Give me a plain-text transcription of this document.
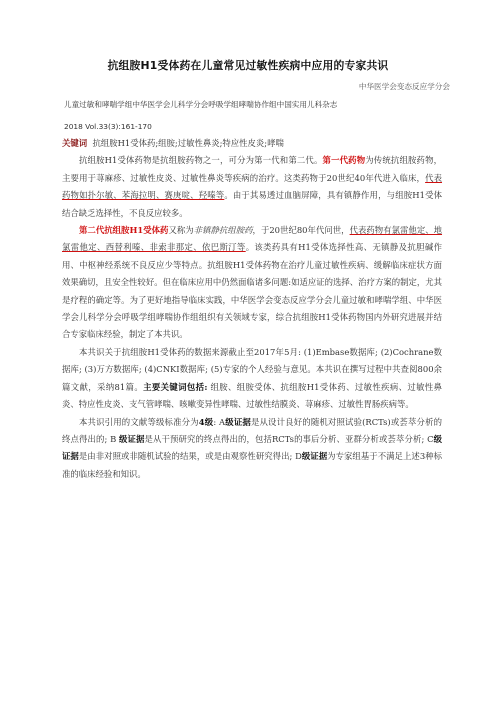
抗组胺H1受体药在儿童常见过敏性疾病中应用的专家共识
中华医学会变态反应学分会
儿童过敏和哮喘学组中华医学会儿科学分会呼吸学组哮喘协作组中国实用儿科杂志
2018 Vol.33(3):161-170

关键词 抗组胺H1受体药;组胺;过敏性鼻炎;特应性皮炎;哮喘

抗组胺H1受体药物是抗组胺药物之一，可分为第一代和第二代。第一代药物为传统抗组胺药物，主要用于荨麻疹、过敏性皮炎、过敏性鼻炎等疾病的治疗。这类药物于20世纪40年代进入临床，代表药物如扑尔敏、苯海拉明、赛庚啶、羟嗪等。由于其易透过血脑屏障，具有镇静作用，与组胺H1受体结合缺乏选择性，不良反应较多。

第二代抗组胺H1受体药又称为非镇静抗组胺药，于20世纪80年代问世，代表药物有氯雷他定、地氯雷他定、西替利嗪、非索非那定、依巴斯汀等。该类药具有H1受体选择性高、无镇静及抗胆碱作用、中枢神经系统不良反应少等特点。抗组胺H1受体药物在治疗儿童过敏性疾病、缓解临床症状方面效果确切，且安全性较好。但在临床应用中仍然面临诸多问题:如适应证的选择、治疗方案的制定，尤其是疗程的确定等。为了更好地指导临床实践，中华医学会变态反应学分会儿童过敏和哮喘学组、中华医学会儿科学分会呼吸学组哮喘协作组组织有关领域专家，综合抗组胺H1受体药物国内外研究进展并结合专家临床经验，制定了本共识。

本共识关于抗组胺H1受体药的数据来源截止至2017年5月: (1)Embase数据库; (2)Cochrane数据库; (3)万方数据库; (4)CNKI数据库; (5)专家的个人经验与意见。本共识在撰写过程中共查阅800余篇文献，采纳81篇。主要关键词包括: 组胺、组胺受体、抗组胺H1受体药、过敏性疾病、过敏性鼻炎、特应性皮炎、支气管哮喘、咳嗽变异性哮喘、过敏性结膜炎、荨麻疹、过敏性胃肠疾病等。

本共识引用的文献等级标准分为4级: A级证据是从设计良好的随机对照试验(RCTs)或荟萃分析的终点得出的; B 级证据是从干预研究的终点得出的，包括RCTs的事后分析、亚群分析或荟萃分析; C级证据是由非对照或非随机试验的结果，或是由观察性研究得出; D级证据为专家组基于不满足上述3种标准的临床经验和知识。
